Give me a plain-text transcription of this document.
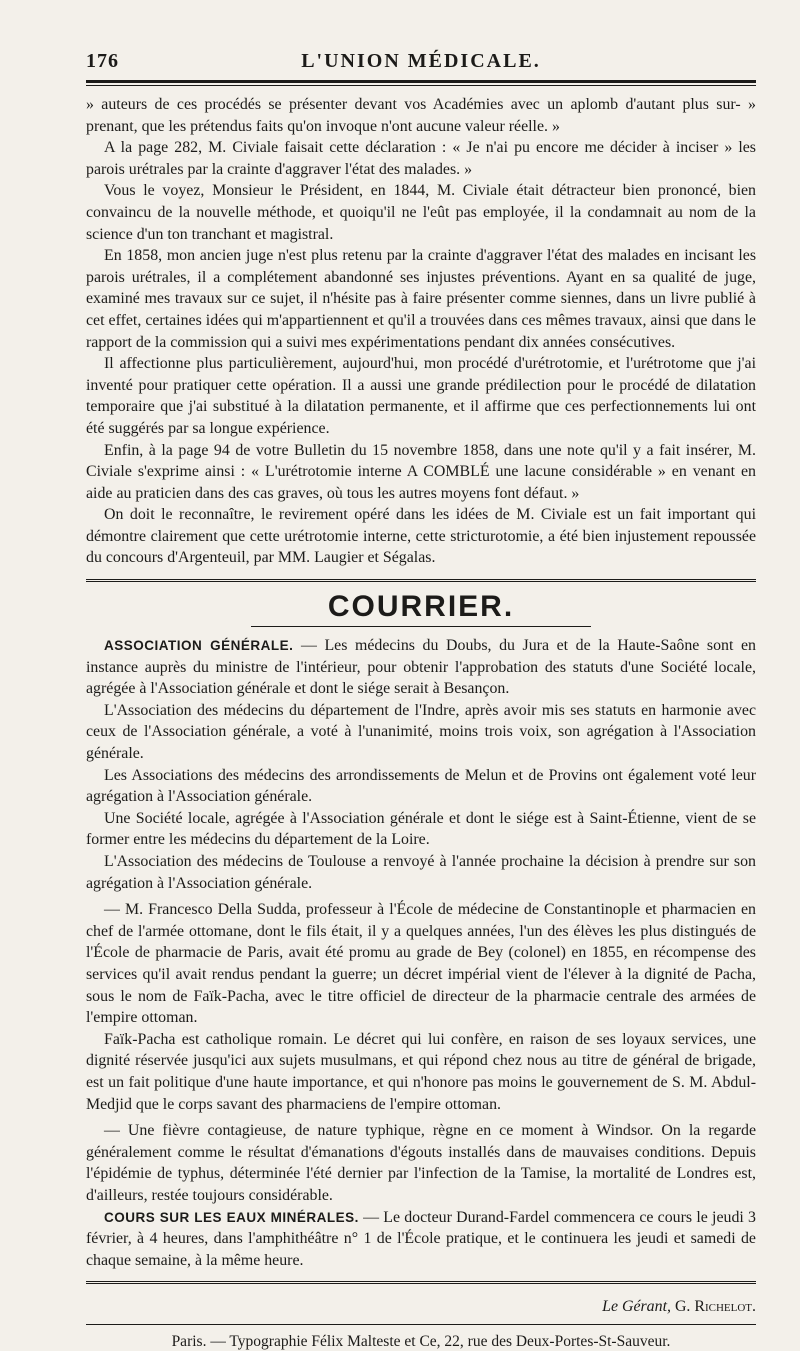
176	L'UNION MÉDICALE.

» auteurs de ces procédés se présenter devant vos Académies avec un aplomb d'autant plus sur- » prenant, que les prétendus faits qu'on invoque n'ont aucune valeur réelle. »

A la page 282, M. Civiale faisait cette déclaration : « Je n'ai pu encore me décider à inciser » les parois urétrales par la crainte d'aggraver l'état des malades. »

Vous le voyez, Monsieur le Président, en 1844, M. Civiale était détracteur bien prononcé, bien convaincu de la nouvelle méthode, et quoiqu'il ne l'eût pas employée, il la condamnait au nom de la science d'un ton tranchant et magistral.

En 1858, mon ancien juge n'est plus retenu par la crainte d'aggraver l'état des malades en incisant les parois urétrales, il a complétement abandonné ses injustes préventions. Ayant en sa qualité de juge, examiné mes travaux sur ce sujet, il n'hésite pas à faire présenter comme siennes, dans un livre publié à cet effet, certaines idées qui m'appartiennent et qu'il a trouvées dans ces mêmes travaux, ainsi que dans le rapport de la commission qui a suivi mes expérimentations pendant dix années consécutives.

Il affectionne plus particulièrement, aujourd'hui, mon procédé d'urétrotomie, et l'urétrotome que j'ai inventé pour pratiquer cette opération. Il a aussi une grande prédilection pour le procédé de dilatation temporaire que j'ai substitué à la dilatation permanente, et il affirme que ces perfectionnements lui ont été suggérés par sa longue expérience.

Enfin, à la page 94 de votre Bulletin du 15 novembre 1858, dans une note qu'il y a fait insérer, M. Civiale s'exprime ainsi : « L'urétrotomie interne A COMBLÉ une lacune considérable » en venant en aide au praticien dans des cas graves, où tous les autres moyens font défaut. »

On doit le reconnaître, le revirement opéré dans les idées de M. Civiale est un fait important qui démontre clairement que cette urétrotomie interne, cette stricturotomie, a été bien injustement repoussée du concours d'Argenteuil, par MM. Laugier et Ségalas.

COURRIER.

ASSOCIATION GÉNÉRALE. — Les médecins du Doubs, du Jura et de la Haute-Saône sont en instance auprès du ministre de l'intérieur, pour obtenir l'approbation des statuts d'une Société locale, agrégée à l'Association générale et dont le siége serait à Besançon.

L'Association des médecins du département de l'Indre, après avoir mis ses statuts en harmonie avec ceux de l'Association générale, a voté à l'unanimité, moins trois voix, son agrégation à l'Association générale.

Les Associations des médecins des arrondissements de Melun et de Provins ont également voté leur agrégation à l'Association générale.

Une Société locale, agrégée à l'Association générale et dont le siége est à Saint-Étienne, vient de se former entre les médecins du département de la Loire.

L'Association des médecins de Toulouse a renvoyé à l'année prochaine la décision à prendre sur son agrégation à l'Association générale.

— M. Francesco Della Sudda, professeur à l'École de médecine de Constantinople et pharmacien en chef de l'armée ottomane, dont le fils était, il y a quelques années, l'un des élèves les plus distingués de l'École de pharmacie de Paris, avait été promu au grade de Bey (colonel) en 1855, en récompense des services qu'il avait rendus pendant la guerre; un décret impérial vient de l'élever à la dignité de Pacha, sous le nom de Faïk-Pacha, avec le titre officiel de directeur de la pharmacie centrale des armées de l'empire ottoman.

Faïk-Pacha est catholique romain. Le décret qui lui confère, en raison de ses loyaux services, une dignité réservée jusqu'ici aux sujets musulmans, et qui répond chez nous au titre de général de brigade, est un fait politique d'une haute importance, et qui n'honore pas moins le gouvernement de S. M. Abdul-Medjid que le corps savant des pharmaciens de l'empire ottoman.

— Une fièvre contagieuse, de nature typhique, règne en ce moment à Windsor. On la regarde généralement comme le résultat d'émanations d'égouts installés dans de mauvaises conditions. Depuis l'épidémie de typhus, déterminée l'été dernier par l'infection de la Tamise, la mortalité de Londres est, d'ailleurs, restée toujours considérable.

COURS SUR LES EAUX MINÉRALES. — Le docteur Durand-Fardel commencera ce cours le jeudi 3 février, à 4 heures, dans l'amphithéâtre n° 1 de l'École pratique, et le continuera les jeudi et samedi de chaque semaine, à la même heure.

Le Gérant, G. Richelot.
Paris. — Typographie Félix Malteste et Ce, 22, rue des Deux-Portes-St-Sauveur.
